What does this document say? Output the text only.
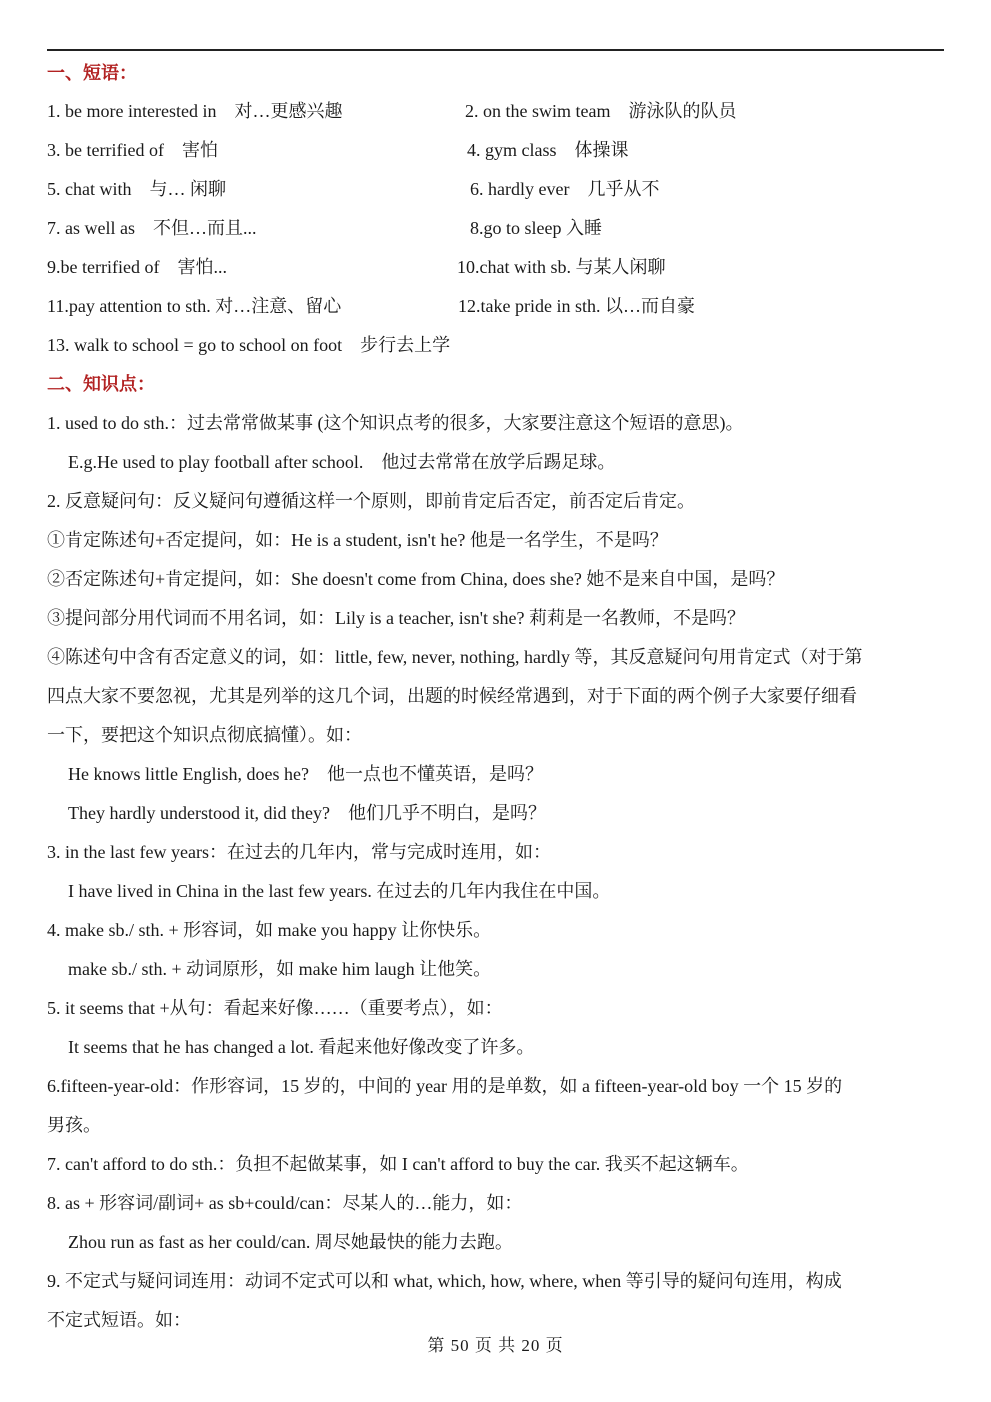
一、短语：
1. be more interested in　对…更感兴趣	2. on the swim team　游泳队的队员
3. be terrified of　害怕	4. gym class　体操课
5. chat with　与… 闲聊	6. hardly ever　几乎从不
7. as well as　不但…而且...	8.go to sleep 入睡
9.be terrified of　害怕...	10.chat with sb. 与某人闲聊
11.pay attention to sth. 对…注意、留心	12.take pride in sth. 以…而自豪
13. walk to school = go to school on foot　步行去上学
二、知识点：
1. used to do sth.：过去常常做某事 (这个知识点考的很多，大家要注意这个短语的意思)。
E.g.He used to play football after school.　他过去常常在放学后踢足球。
2. 反意疑问句：反义疑问句遵循这样一个原则，即前肯定后否定，前否定后肯定。
①肯定陈述句+否定提问，如：He is a student, isn't he? 他是一名学生，不是吗？
②否定陈述句+肯定提问，如：She doesn't come from China, does she? 她不是来自中国，是吗？
③提问部分用代词而不用名词，如：Lily is a teacher, isn't she? 莉莉是一名教师，不是吗？
④陈述句中含有否定意义的词，如：little, few, never, nothing, hardly 等，其反意疑问句用肯定式（对于第
四点大家不要忽视，尤其是列举的这几个词，出题的时候经常遇到，对于下面的两个例子大家要仔细看
一下，要把这个知识点彻底搞懂）。如：
He knows little English, does he?　他一点也不懂英语，是吗？
They hardly understood it, did they?　他们几乎不明白，是吗？
3. in the last few years：在过去的几年内，常与完成时连用，如：
I have lived in China in the last few years. 在过去的几年内我住在中国。
4. make sb./ sth. + 形容词，如 make you happy 让你快乐。
make sb./ sth. + 动词原形，如 make him laugh 让他笑。
5. it seems that +从句：看起来好像……（重要考点），如：
It seems that he has changed a lot. 看起来他好像改变了许多。
6.fifteen-year-old：作形容词，15 岁的，中间的 year 用的是单数，如 a fifteen-year-old boy 一个 15 岁的
男孩。
7. can't afford to do sth.：负担不起做某事，如 I can't afford to buy the car. 我买不起这辆车。
8. as + 形容词/副词+ as sb+could/can：尽某人的…能力，如：
Zhou run as fast as her could/can. 周尽她最快的能力去跑。
9. 不定式与疑问词连用：动词不定式可以和 what, which, how, where, when 等引导的疑问句连用，构成
不定式短语。如：
第 50 页 共 20 页
